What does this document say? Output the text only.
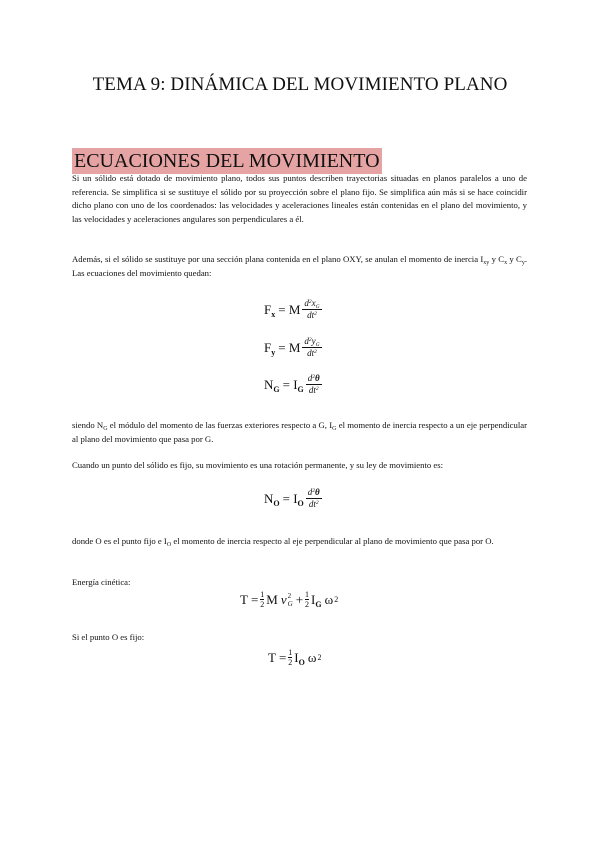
TEMA 9: DINÁMICA DEL MOVIMIENTO PLANO
ECUACIONES DEL MOVIMIENTO
Si un sólido está dotado de movimiento plano, todos sus puntos describen trayectorias situadas en planos paralelos a uno de referencia. Se simplifica si se sustituye el sólido por su proyección sobre el plano fijo. Se simplifica aún más si se hace coincidir dicho plano con uno de los coordenados: las velocidades y aceleraciones lineales están contenidas en el plano del movimiento, y las velocidades y aceleraciones angulares son perpendiculares a él.
Además, si el sólido se sustituye por una sección plana contenida en el plano OXY, se anulan el momento de inercia $I_{xy}$ y $C_x$ y $C_y$. Las ecuaciones del movimiento quedan:
$F_x = M \frac{d^2x_G}{dt^2}$
$F_y = M \frac{d^2y_G}{dt^2}$
$N_G = I_G \frac{d^2\theta}{dt^2}$
siendo $N_G$ el módulo del momento de las fuerzas exteriores respecto a G, $I_G$ el momento de inercia respecto a un eje perpendicular al plano del movimiento que pasa por G.
Cuando un punto del sólido es fijo, su movimiento es una rotación permanente, y su ley de movimiento es:
$N_O = I_O \frac{d^2\theta}{dt^2}$
donde O es el punto fijo e $I_O$ el momento de inercia respecto al eje perpendicular al plano de movimiento que pasa por O.
Energía cinética:
$T = \frac{1}{2}$ M v 2
$G + \frac{1}{2} I_G$ ω 2
Si el punto O es fijo:
$T = \frac{1}{2} I_O$ ω 2
